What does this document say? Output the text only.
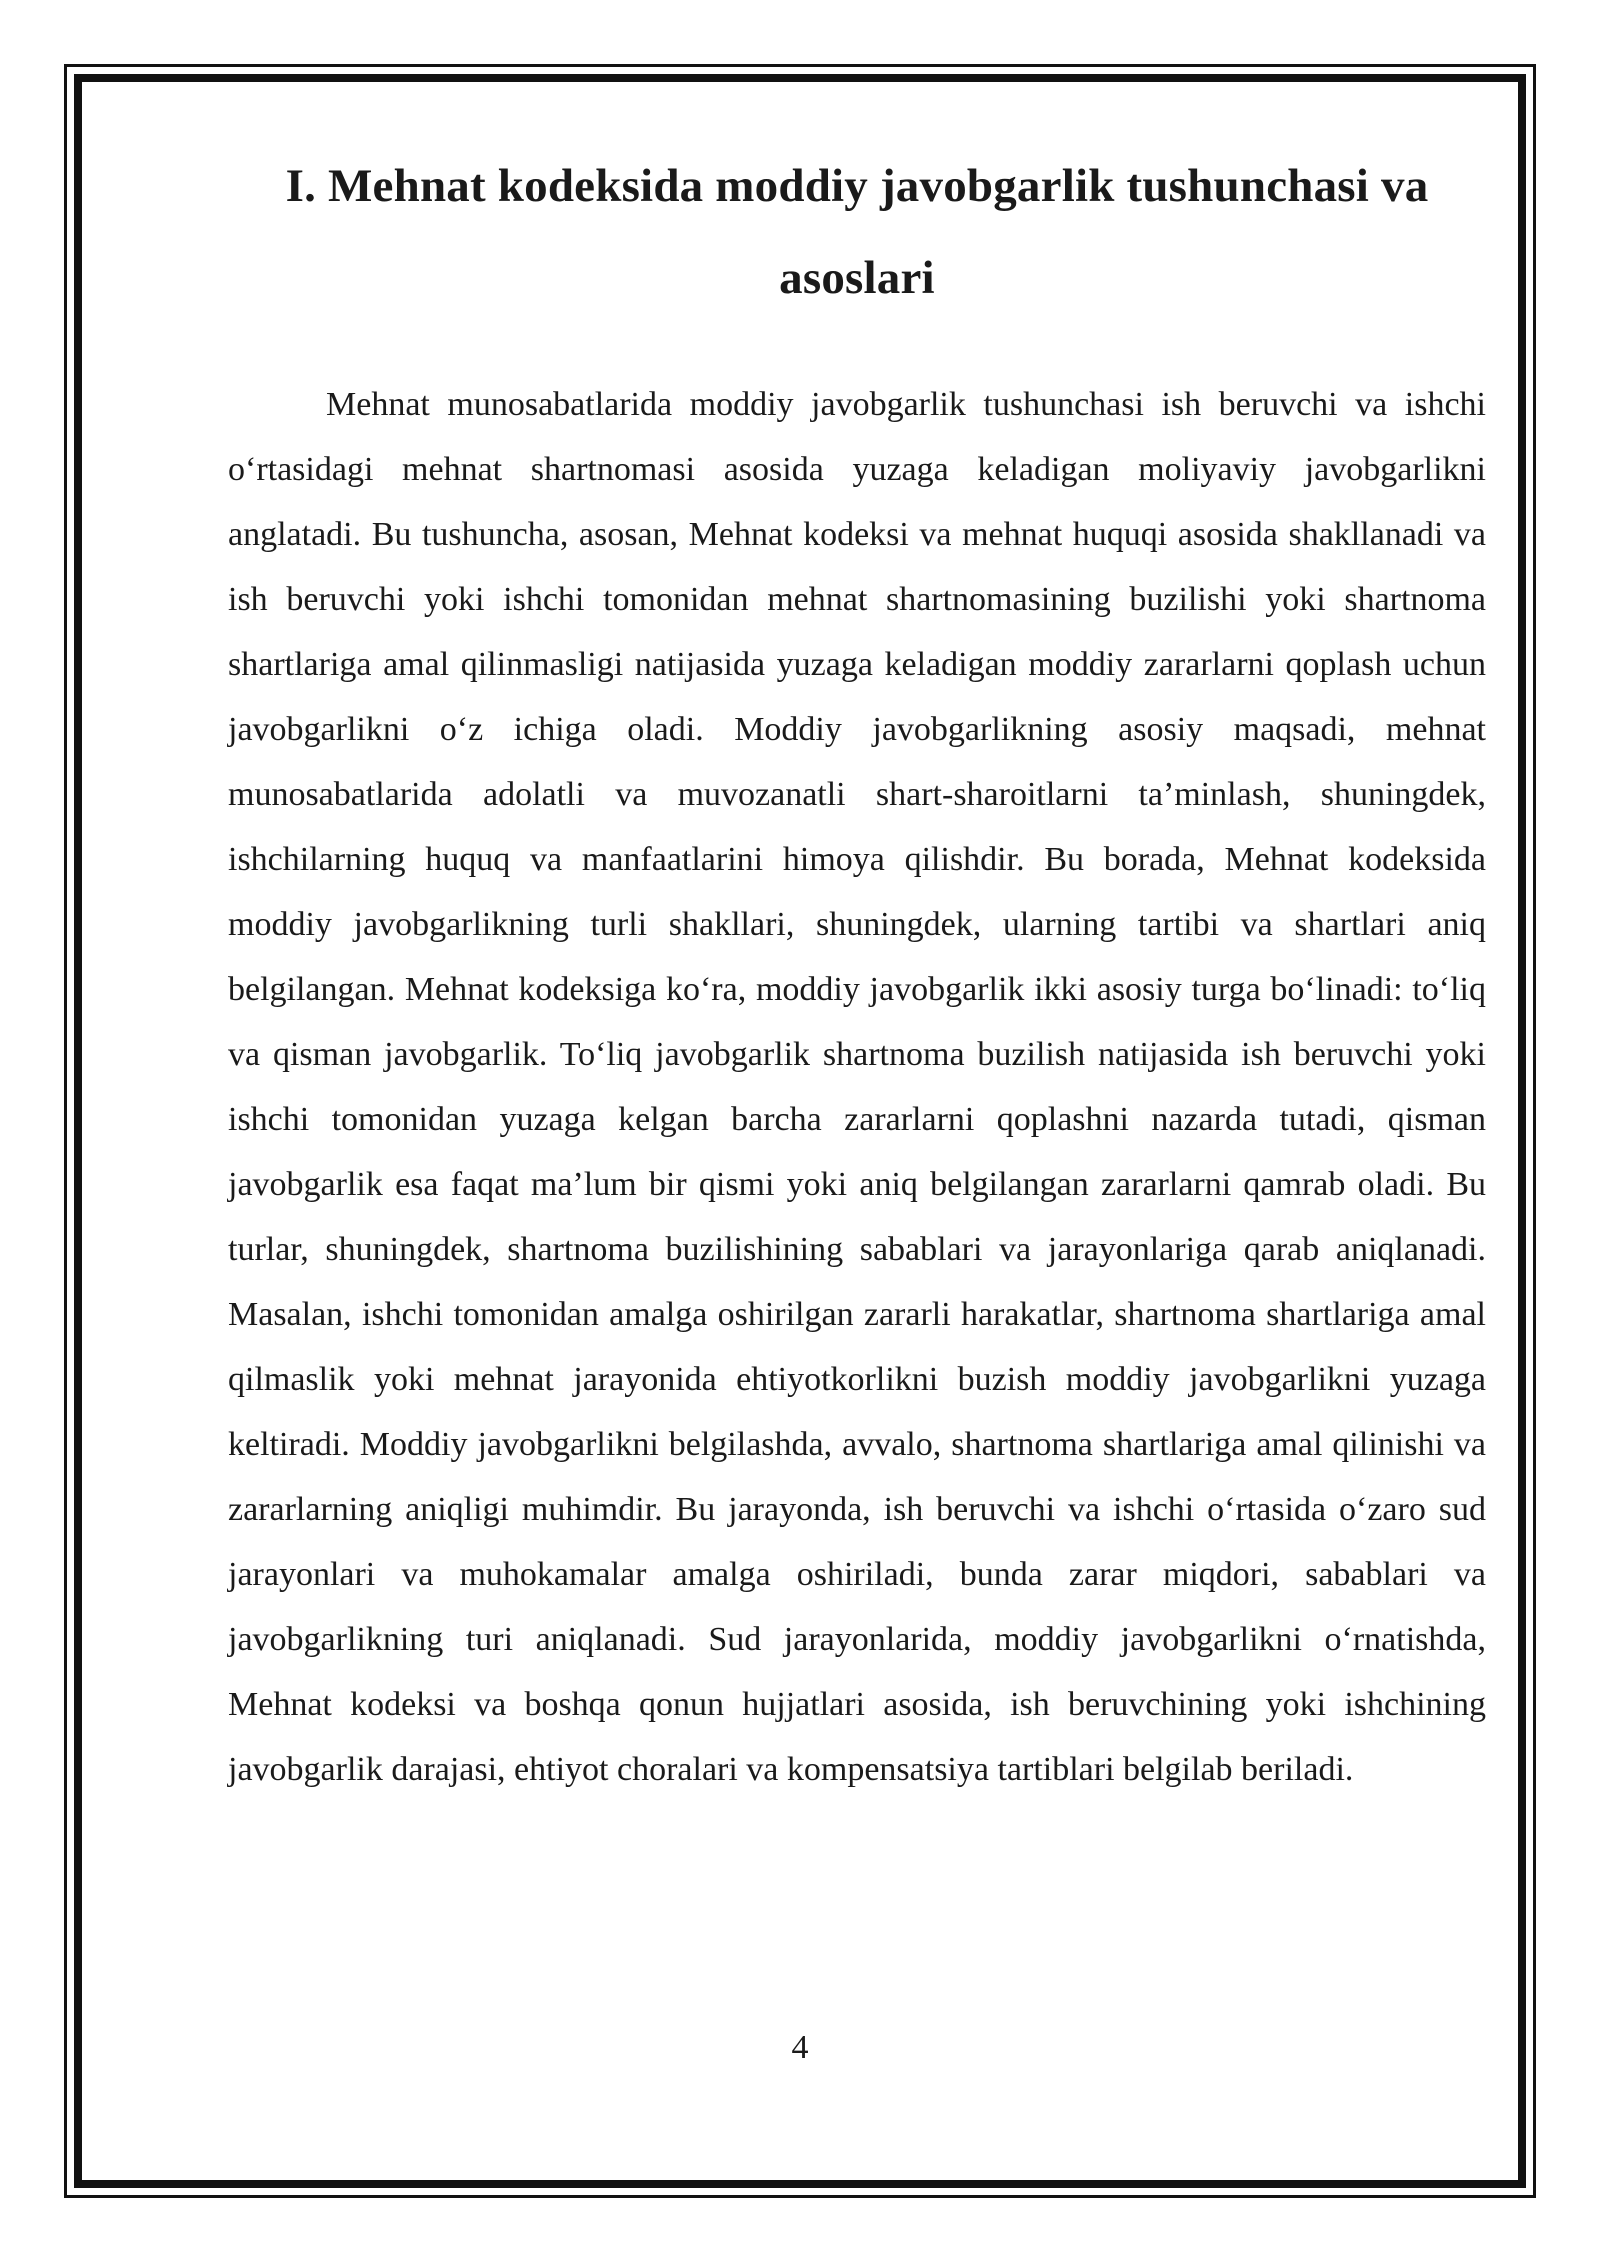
I. Mehnat kodeksida moddiy javobgarlik tushunchasi va asoslari

Mehnat munosabatlarida moddiy javobgarlik tushunchasi ish beruvchi va ishchi o‘rtasidagi mehnat shartnomasi asosida yuzaga keladigan moliyaviy javobgarlikni anglatadi. Bu tushuncha, asosan, Mehnat kodeksi va mehnat huquqi asosida shakllanadi va ish beruvchi yoki ishchi tomonidan mehnat shartnomasining buzilishi yoki shartnoma shartlariga amal qilinmasligi natijasida yuzaga keladigan moddiy zararlarni qoplash uchun javobgarlikni o‘z ichiga oladi. Moddiy javobgarlikning asosiy maqsadi, mehnat munosabatlarida adolatli va muvozanatli shart-sharoitlarni ta’minlash, shuningdek, ishchilarning huquq va manfaatlarini himoya qilishdir. Bu borada, Mehnat kodeksida moddiy javobgarlikning turli shakllari, shuningdek, ularning tartibi va shartlari aniq belgilangan. Mehnat kodeksiga ko‘ra, moddiy javobgarlik ikki asosiy turga bo‘linadi: to‘liq va qisman javobgarlik. To‘liq javobgarlik shartnoma buzilish natijasida ish beruvchi yoki ishchi tomonidan yuzaga kelgan barcha zararlarni qoplashni nazarda tutadi, qisman javobgarlik esa faqat ma’lum bir qismi yoki aniq belgilangan zararlarni qamrab oladi. Bu turlar, shuningdek, shartnoma buzilishining sabablari va jarayonlariga qarab aniqlanadi. Masalan, ishchi tomonidan amalga oshirilgan zararli harakatlar, shartnoma shartlariga amal qilmaslik yoki mehnat jarayonida ehtiyotkorlikni buzish moddiy javobgarlikni yuzaga keltiradi. Moddiy javobgarlikni belgilashda, avvalo, shartnoma shartlariga amal qilinishi va zararlarning aniqligi muhimdir. Bu jarayonda, ish beruvchi va ishchi o‘rtasida o‘zaro sud jarayonlari va muhokamalar amalga oshiriladi, bunda zarar miqdori, sabablari va javobgarlikning turi aniqlanadi. Sud jarayonlarida, moddiy javobgarlikni o‘rnatishda, Mehnat kodeksi va boshqa qonun hujjatlari asosida, ish beruvchining yoki ishchining javobgarlik darajasi, ehtiyot choralari va kompensatsiya tartiblari belgilab beriladi.

4
